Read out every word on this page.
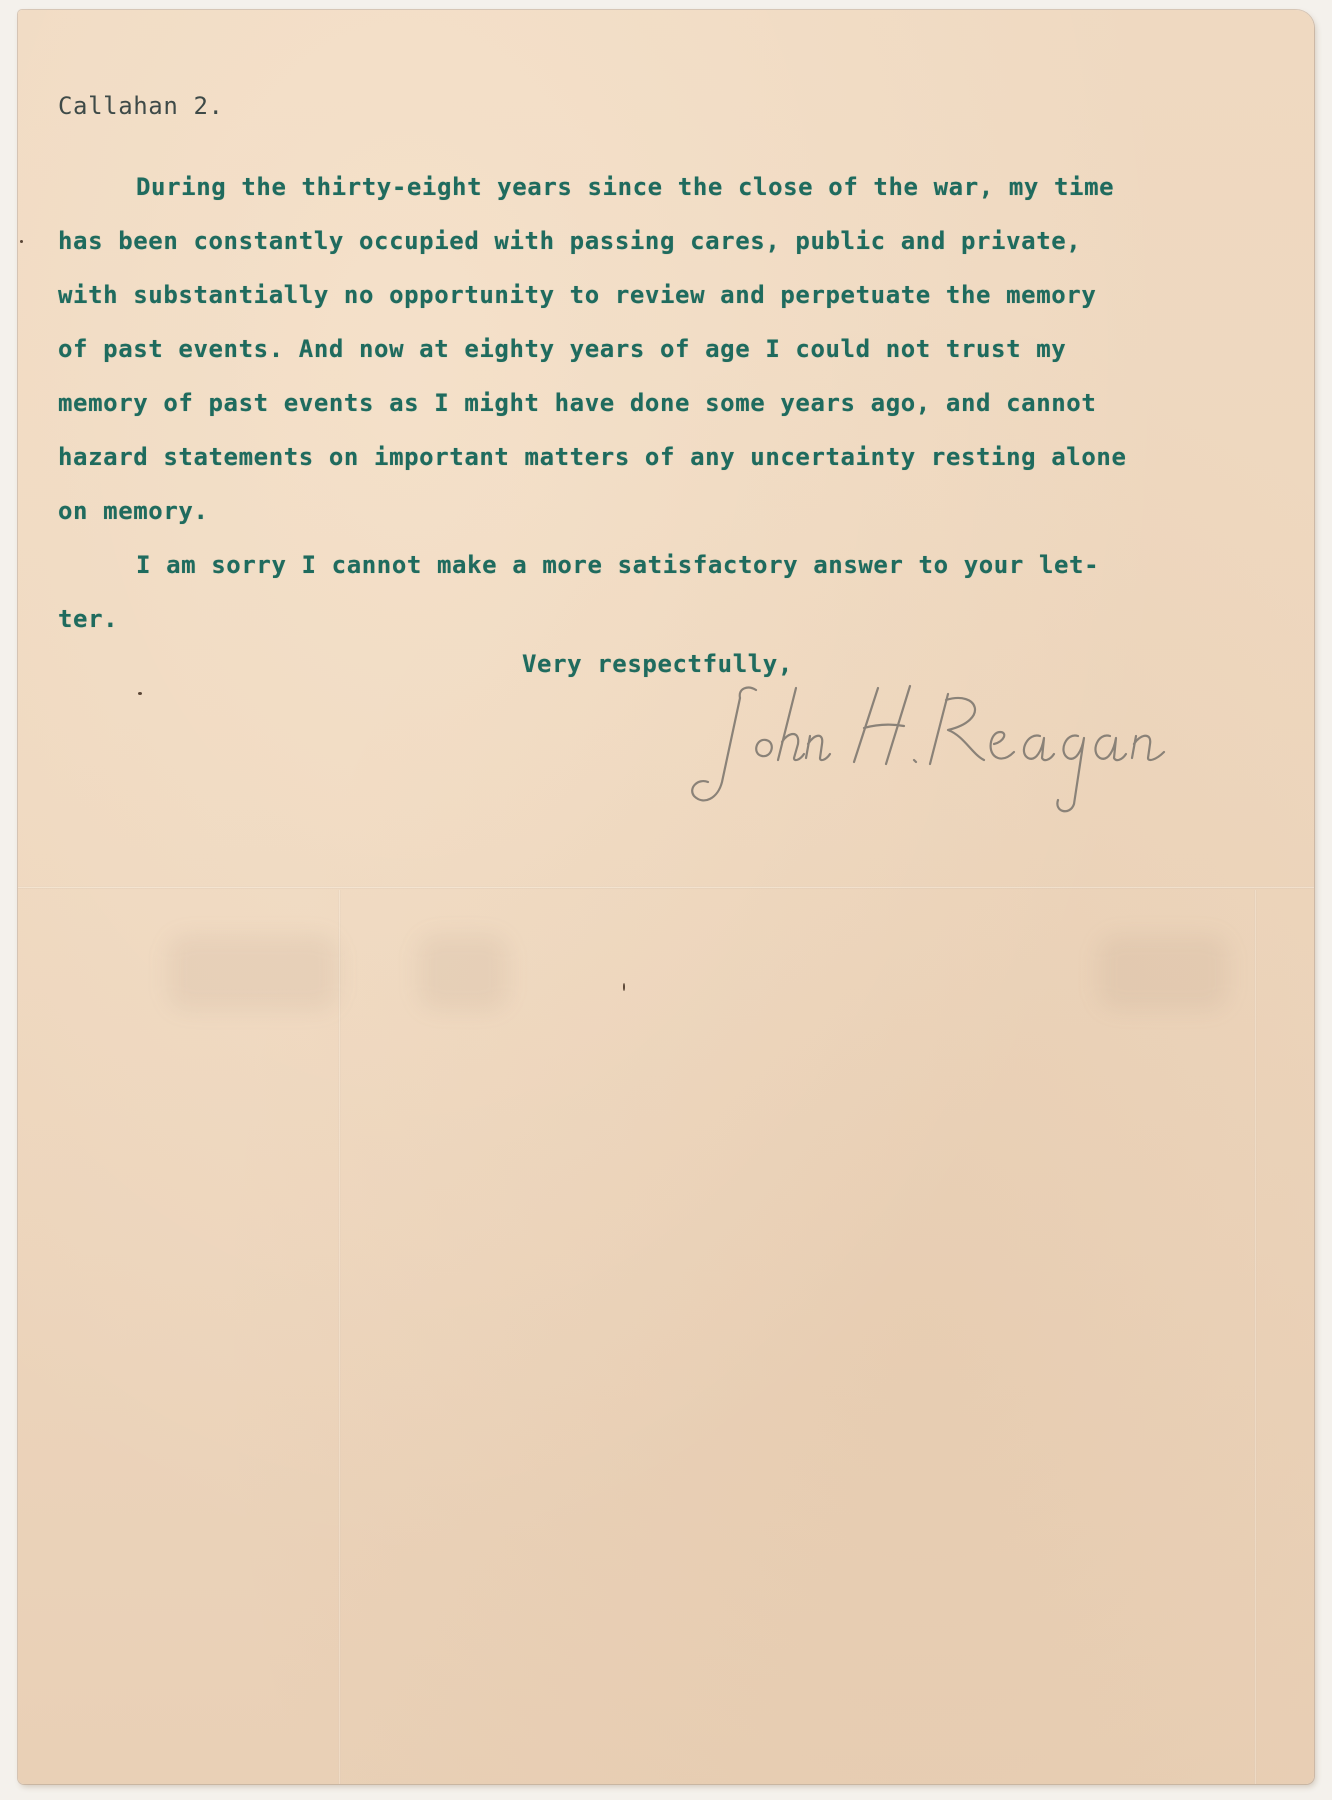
Callahan 2.

During the thirty-eight years since the close of the war, my time
has been constantly occupied with passing cares, public and private,
with substantially no opportunity to review and perpetuate the memory
of past events. And now at eighty years of age I could not trust my
memory of past events as I might have done some years ago, and cannot
hazard statements on important matters of any uncertainty resting alone
on memory.
I am sorry I cannot make a more satisfactory answer to your let-
ter.

Very respectfully,
